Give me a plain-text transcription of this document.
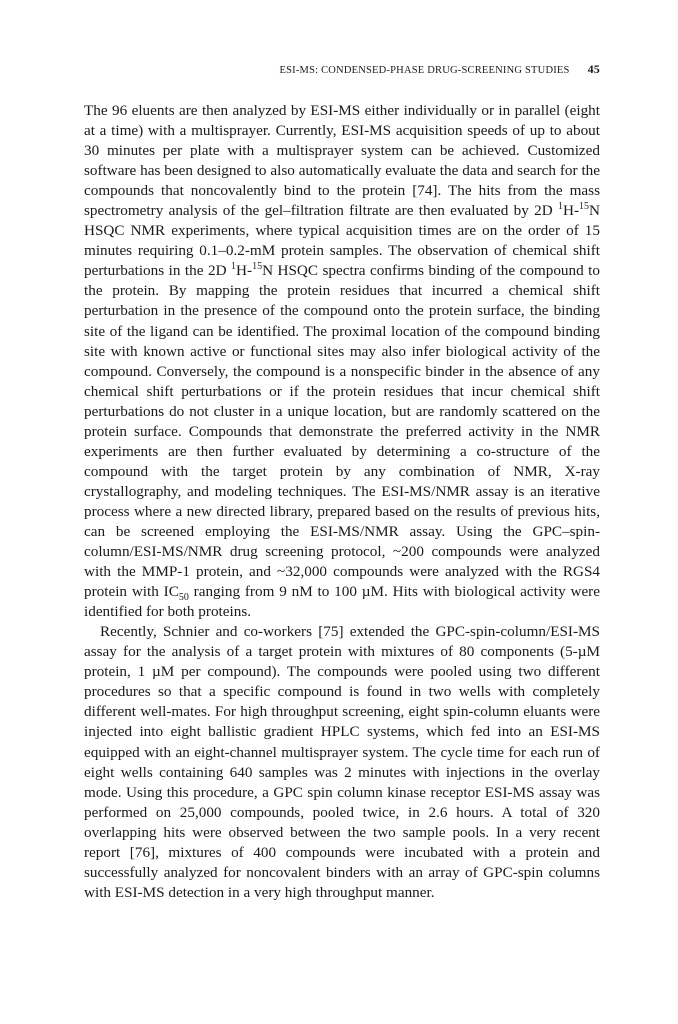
ESI-MS: CONDENSED-PHASE DRUG-SCREENING STUDIES 45

The 96 eluents are then analyzed by ESI-MS either individually or in parallel (eight at a time) with a multisprayer. Currently, ESI-MS acquisition speeds of up to about 30 minutes per plate with a multisprayer system can be achieved. Customized software has been designed to also automatically evaluate the data and search for the compounds that noncovalently bind to the protein [74]. The hits from the mass spectrometry analysis of the gel–filtration filtrate are then evaluated by 2D $^1$H-$^{15}$N HSQC NMR experiments, where typical acquisition times are on the order of 15 minutes requiring 0.1–0.2-mM protein samples. The observation of chemical shift perturbations in the 2D $^1$H-$^{15}$N HSQC spectra confirms binding of the compound to the protein. By mapping the protein residues that incurred a chemical shift perturbation in the presence of the compound onto the protein surface, the binding site of the ligand can be identified. The proximal location of the compound binding site with known active or functional sites may also infer biological activity of the compound. Conversely, the compound is a nonspecific binder in the absence of any chemical shift perturbations or if the protein residues that incur chemical shift perturbations do not cluster in a unique location, but are randomly scattered on the protein surface. Compounds that demonstrate the preferred activity in the NMR experiments are then further evaluated by determining a co-structure of the compound with the target protein by any combination of NMR, X-ray crystallography, and modeling techniques. The ESI-MS/NMR assay is an iterative process where a new directed library, prepared based on the results of previous hits, can be screened employing the ESI-MS/NMR assay. Using the GPC–spin-column/ESI-MS/NMR drug screening protocol, ~200 compounds were analyzed with the MMP-1 protein, and ~32,000 compounds were analyzed with the RGS4 protein with $IC_{50}$ ranging from 9 nM to 100 µM. Hits with biological activity were identified for both proteins.

Recently, Schnier and co-workers [75] extended the GPC-spin-column/ESI-MS assay for the analysis of a target protein with mixtures of 80 components (5-µM protein, 1 µM per compound). The compounds were pooled using two different procedures so that a specific compound is found in two wells with completely different well-mates. For high throughput screening, eight spin-column eluants were injected into eight ballistic gradient HPLC systems, which fed into an ESI-MS equipped with an eight-channel multisprayer system. The cycle time for each run of eight wells containing 640 samples was 2 minutes with injections in the overlay mode. Using this procedure, a GPC spin column kinase receptor ESI-MS assay was performed on 25,000 compounds, pooled twice, in 2.6 hours. A total of 320 overlapping hits were observed between the two sample pools. In a very recent report [76], mixtures of 400 compounds were incubated with a protein and successfully analyzed for noncovalent binders with an array of GPC-spin columns with ESI-MS detection in a very high throughput manner.
